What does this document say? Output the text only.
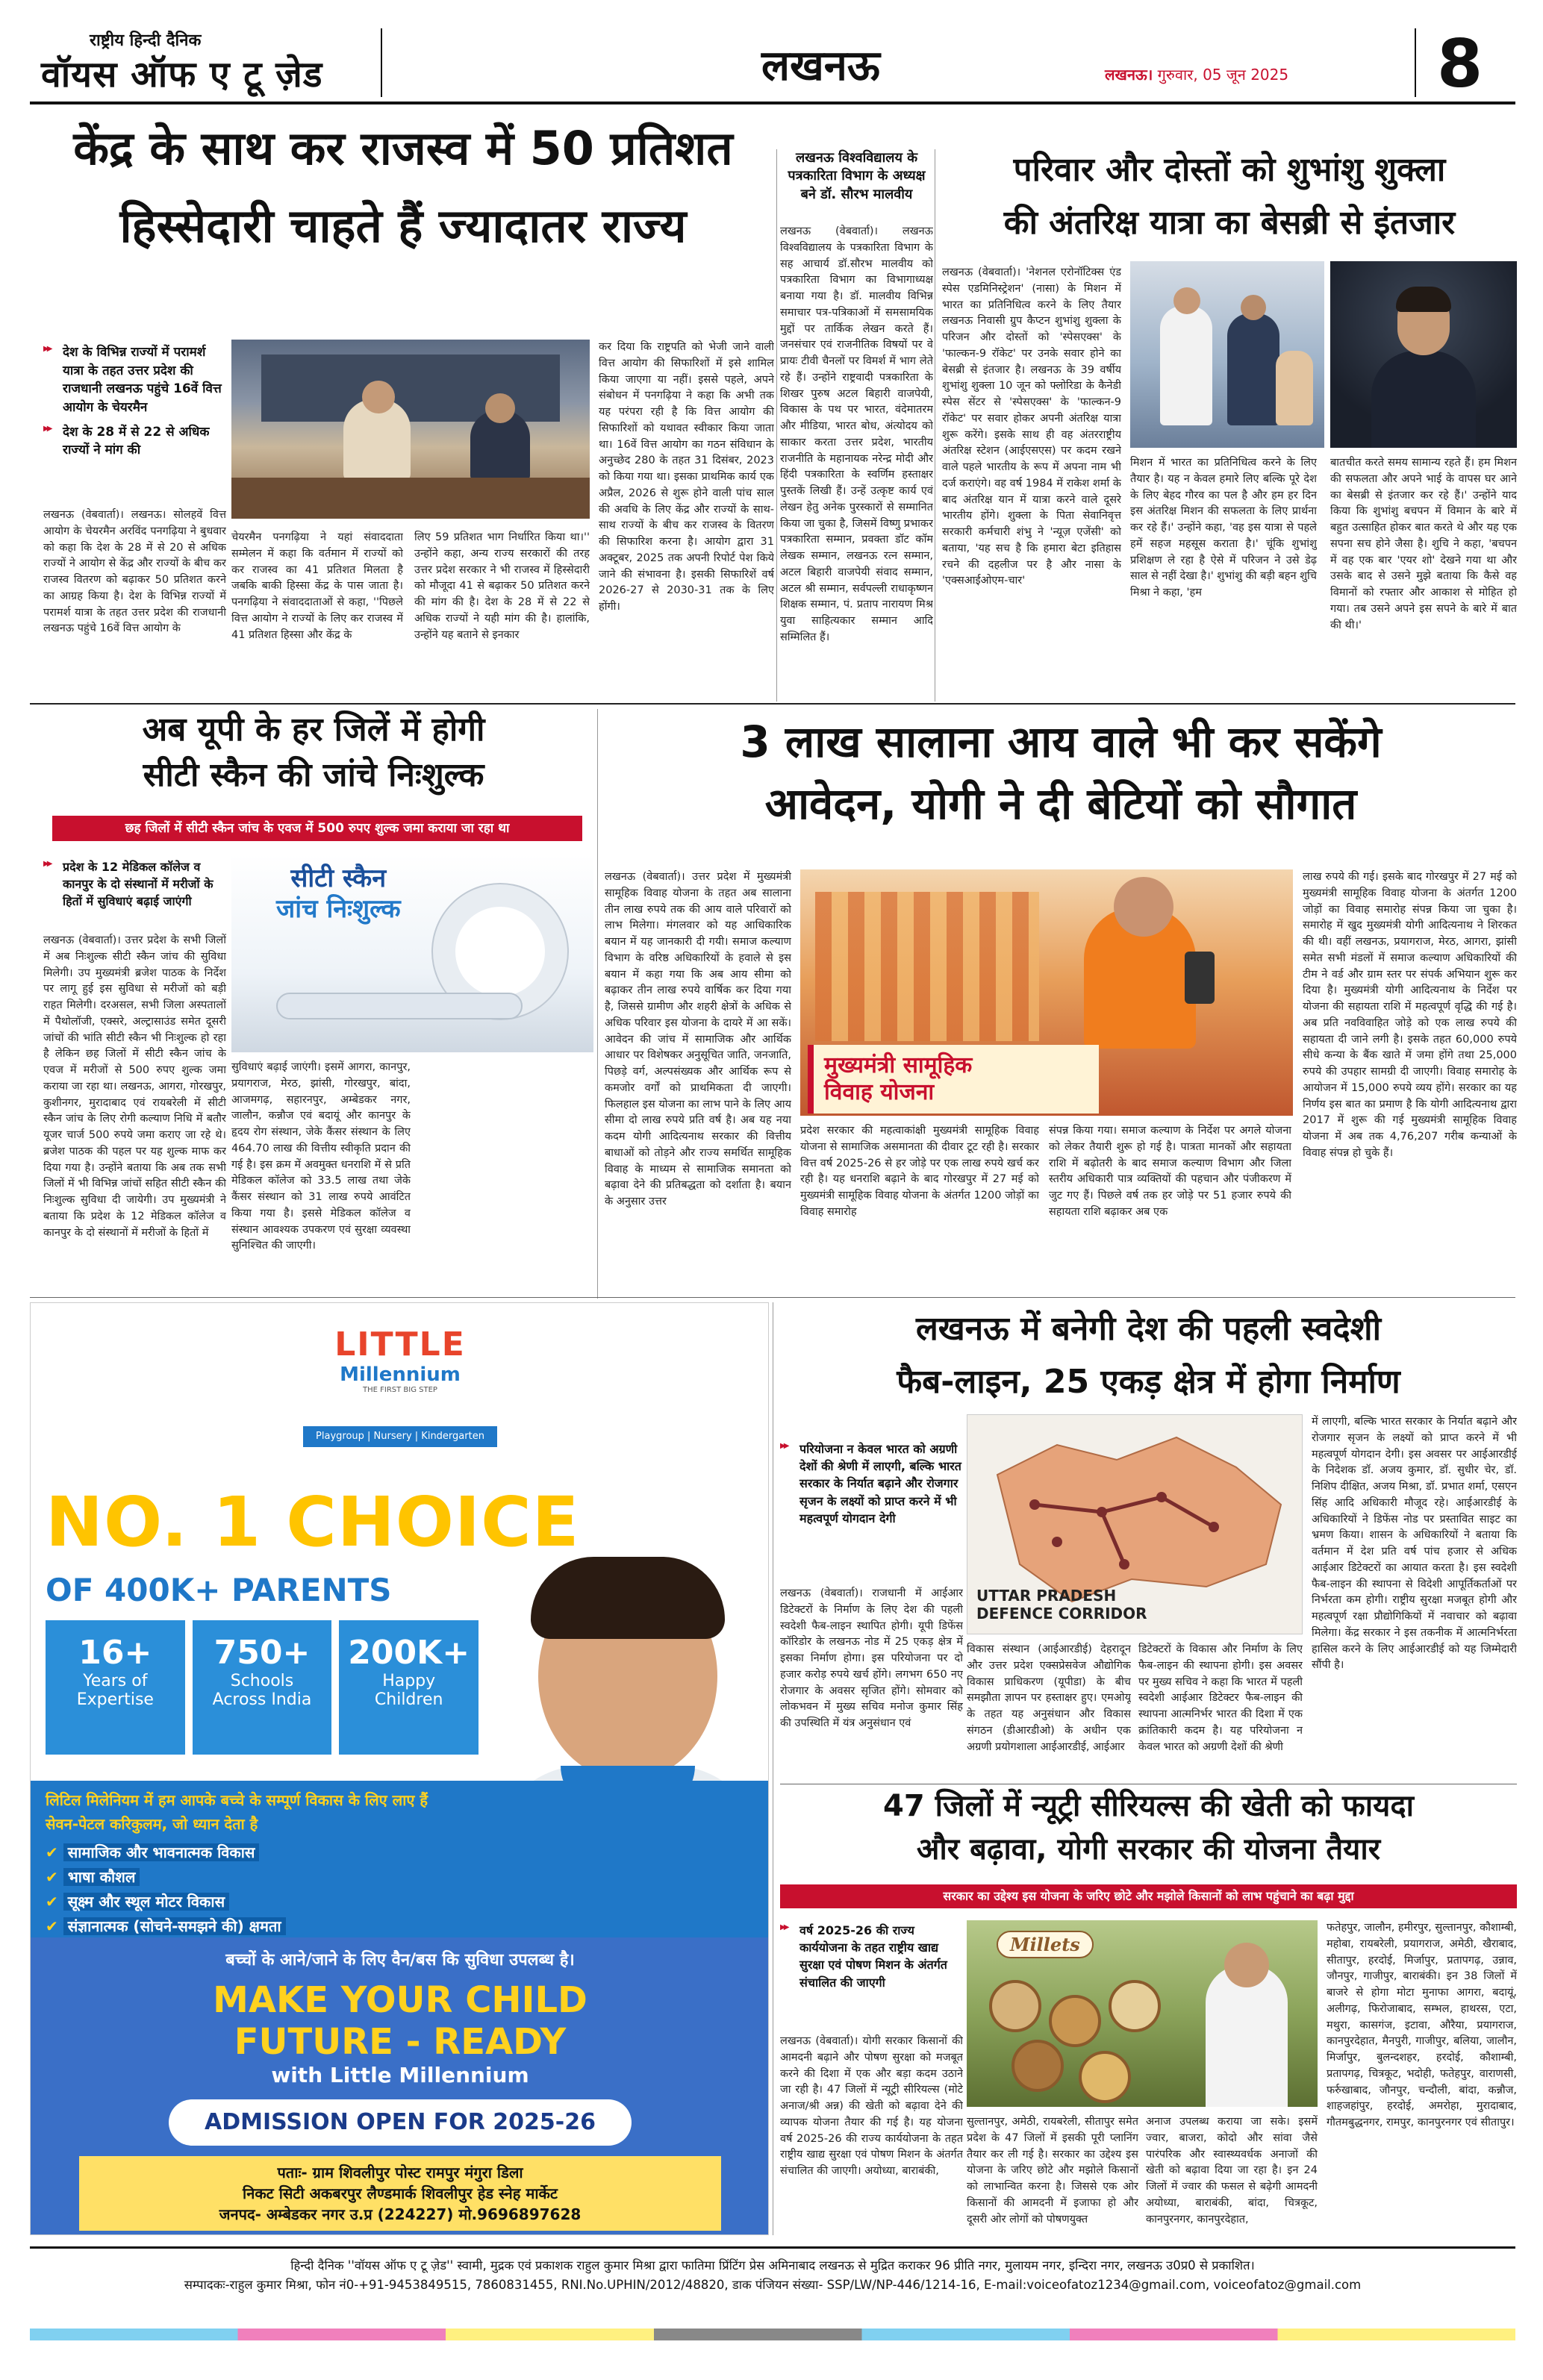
राष्ट्रीय हिन्दी दैनिक
वॉयस ऑफ ए टू ज़ेड	लखनऊ	लखनऊ। गुरुवार, 05 जून 2025 8
केंद्र के साथ कर राजस्व में 50 प्रतिशत
हिस्सेदारी चाहते हैं ज्यादातर राज्य
▶▶ देश के विभिन्न राज्यों में परामर्श यात्रा के तहत उत्तर प्रदेश की राजधानी लखनऊ पहुंचे 16वें वित्त आयोग के चेयरमैन
▶▶ देश के 28 में से 22 से अधिक राज्यों ने मांग की
लखनऊ (वेबवार्ता)। लखनऊ। सोलहवें वित्त आयोग के चेयरमैन अरविंद पनगढ़िया ने बुधवार को कहा कि देश के 28 में से 20 से अधिक राज्यों ने आयोग से केंद्र और राज्यों के बीच कर राजस्व वितरण को बढ़ाकर 50 प्रतिशत करने का आग्रह किया है। देश के विभिन्न राज्यों में परामर्श यात्रा के तहत उत्तर प्रदेश की राजधानी लखनऊ पहुंचे 16वें वित्त आयोग के
चेयरमैन पनगढ़िया ने यहां संवाददाता सम्मेलन में कहा कि वर्तमान में राज्यों को कर राजस्व का 41 प्रतिशत मिलता है जबकि बाकी हिस्सा केंद्र के पास जाता है। पनगढ़िया ने संवाददाताओं से कहा, ''पिछले वित्त आयोग ने राज्यों के लिए कर राजस्व में 41 प्रतिशत हिस्सा और केंद्र के
लिए 59 प्रतिशत भाग निर्धारित किया था।'' उन्होंने कहा, अन्य राज्य सरकारों की तरह उत्तर प्रदेश सरकार ने भी राजस्व में हिस्सेदारी को मौजूदा 41 से बढ़ाकर 50 प्रतिशत करने की मांग की है। देश के 28 में से 22 से अधिक राज्यों ने यही मांग की है। हालांकि, उन्होंने यह बताने से इनकार
कर दिया कि राष्ट्रपति को भेजी जाने वाली वित्त आयोग की सिफारिशों में इसे शामिल किया जाएगा या नहीं। इससे पहले, अपने संबोधन में पनगढ़िया ने कहा कि अभी तक यह परंपरा रही है कि वित्त आयोग की सिफारिशों को यथावत स्वीकार किया जाता था। 16वें वित्त आयोग का गठन संविधान के अनुच्छेद 280 के तहत 31 दिसंबर, 2023 को किया गया था। इसका प्राथमिक कार्य एक अप्रैल, 2026 से शुरू होने वाली पांच साल की अवधि के लिए केंद्र और राज्यों के साथ-साथ राज्यों के बीच कर राजस्व के वितरण की सिफारिश करना है। आयोग द्वारा 31 अक्टूबर, 2025 तक अपनी रिपोर्ट पेश किये जाने की संभावना है। इसकी सिफारिशें वर्ष 2026-27 से 2030-31 तक के लिए होंगी।
लखनऊ विश्वविद्यालय के
पत्रकारिता विभाग के अध्यक्ष
बने डॉ. सौरभ मालवीय
लखनऊ (वेबवार्ता)। लखनऊ विश्वविद्यालय के पत्रकारिता विभाग के सह आचार्य डॉ.सौरभ मालवीय को पत्रकारिता विभाग का विभागाध्यक्ष बनाया गया है। डॉ. मालवीय विभिन्न समाचार पत्र-पत्रिकाओं में समसामयिक मुद्दों पर तार्किक लेखन करते हैं। जनसंचार एवं राजनीतिक विषयों पर वे प्रायः टीवी चैनलों पर विमर्श में भाग लेते रहे हैं। उन्होंने राष्ट्रवादी पत्रकारिता के शिखर पुरुष अटल बिहारी वाजपेयी, विकास के पथ पर भारत, वंदेमातरम और मीडिया, भारत बोध, अंत्योदय को साकार करता उत्तर प्रदेश, भारतीय राजनीति के महानायक नरेन्द्र मोदी और हिंदी पत्रकारिता के स्वर्णिम हस्ताक्षर पुस्तकें लिखी हैं। उन्हें उत्कृष्ट कार्य एवं लेखन हेतु अनेक पुरस्कारों से सम्मानित किया जा चुका है, जिसमें विष्णु प्रभाकर पत्रकारिता सम्मान, प्रवक्ता डॉट कॉम लेखक सम्मान, लखनऊ रत्न सम्मान, अटल बिहारी वाजपेयी संवाद सम्मान, अटल श्री सम्मान, सर्वपल्ली राधाकृष्णन शिक्षक सम्मान, पं. प्रताप नारायण मिश्र युवा साहित्यकार सम्मान आदि सम्मिलित हैं।
परिवार और दोस्तों को शुभांशु शुक्ला
की अंतरिक्ष यात्रा का बेसब्री से इंतजार
लखनऊ (वेबवार्ता)। 'नेशनल एरोनॉटिक्स एंड स्पेस एडमिनिस्ट्रेशन' (नासा) के मिशन में भारत का प्रतिनिधित्व करने के लिए तैयार लखनऊ निवासी ग्रुप कैप्टन शुभांशु शुक्ला के परिजन और दोस्तों को 'स्पेसएक्स' के 'फाल्कन-9 रॉकेट' पर उनके सवार होने का बेसब्री से इंतजार है। लखनऊ के 39 वर्षीय शुभांशु शुक्ला 10 जून को फ्लोरिडा के कैनेडी स्पेस सेंटर से 'स्पेसएक्स' के 'फाल्कन-9 रॉकेट' पर सवार होकर अपनी अंतरिक्ष यात्रा शुरू करेंगे। इसके साथ ही वह अंतरराष्ट्रीय अंतरिक्ष स्टेशन (आईएसएस) पर कदम रखने वाले पहले भारतीय के रूप में अपना नाम भी दर्ज कराएंगे। वह वर्ष 1984 में राकेश शर्मा के बाद अंतरिक्ष यान में यात्रा करने वाले दूसरे भारतीय होंगे। शुक्ला के पिता सेवानिवृत्त सरकारी कर्मचारी शंभु ने 'न्यूज़ एजेंसी' को बताया, 'यह सच है कि हमारा बेटा इतिहास रचने की दहलीज पर है और नासा के 'एक्सआईओएम-चार'
मिशन में भारत का प्रतिनिधित्व करने के लिए तैयार है। यह न केवल हमारे लिए बल्कि पूरे देश के लिए बेहद गौरव का पल है और हम हर दिन इस अंतरिक्ष मिशन की सफलता के लिए प्रार्थना कर रहे हैं।' उन्होंने कहा, 'वह इस यात्रा से पहले हमें सहज महसूस कराता है।' चूंकि शुभांशु प्रशिक्षण ले रहा है ऐसे में परिजन ने उसे डेढ़ साल से नहीं देखा है।' शुभांशु की बड़ी बहन शुचि मिश्रा ने कहा, 'हम
बातचीत करते समय सामान्य रहते हैं। हम मिशन की सफलता और अपने भाई के वापस घर आने का बेसब्री से इंतजार कर रहे हैं।' उन्होंने याद किया कि शुभांशु बचपन में विमान के बारे में बहुत उत्साहित होकर बात करते थे और यह एक सपना सच होने जैसा है। शुचि ने कहा, 'बचपन में वह एक बार 'एयर शो' देखने गया था और उसके बाद से उसने मुझे बताया कि कैसे वह विमानों को रफ्तार और आकाश से मोहित हो गया। तब उसने अपने इस सपने के बारे में बात की थी।'
अब यूपी के हर जिलें में होगी
सीटी स्कैन की जांचे निःशुल्क
छह जिलों में सीटी स्कैन जांच के एवज में 500 रुपए शुल्क जमा कराया जा रहा था
▶▶ प्रदेश के 12 मेडिकल कॉलेज व कानपुर के दो संस्थानों में मरीजों के हितों में सुविधाएं बढ़ाई जाएंगी
सीटी स्कैन
जांच निःशुल्क
लखनऊ (वेबवार्ता)। उत्तर प्रदेश के सभी जिलों में अब निःशुल्क सीटी स्कैन जांच की सुविधा मिलेगी। उप मुख्यमंत्री ब्रजेश पाठक के निर्देश पर लागू हुई इस सुविधा से मरीजों को बड़ी राहत मिलेगी। दरअसल, सभी जिला अस्पतालों में पैथोलॉजी, एक्सरे, अल्ट्रासाउंड समेत दूसरी जांचों की भांति सीटी स्कैन भी निःशुल्क हो रहा है लेकिन छह जिलों में सीटी स्कैन जांच के एवज में मरीजों से 500 रुपए शुल्क जमा कराया जा रहा था। लखनऊ, आगरा, गोरखपुर, कुशीनगर, मुरादाबाद एवं रायबरेली में सीटी स्कैन जांच के लिए रोगी कल्याण निधि में बतौर यूजर चार्ज 500 रुपये जमा कराए जा रहे थे। ब्रजेश पाठक की पहल पर यह शुल्क माफ कर दिया गया है। उन्होंने बताया कि अब तक सभी जिलों में भी विभिन्न जांचों सहित सीटी स्कैन की निःशुल्क सुविधा दी जायेगी। उप मुख्यमंत्री ने बताया कि प्रदेश के 12 मेडिकल कॉलेज व कानपुर के दो संस्थानों में मरीजों के हितों में
सुविधाएं बढ़ाई जाएंगी। इसमें आगरा, कानपुर, प्रयागराज, मेरठ, झांसी, गोरखपुर, बांदा, आजमगढ़, सहारनपुर, अम्बेडकर नगर, जालौन, कन्नौज एवं बदायूं और कानपुर के हृदय रोग संस्थान, जेके कैंसर संस्थान के लिए 464.70 लाख की वित्तीय स्वीकृति प्रदान की गई है। इस क्रम में अवमुक्त धनराशि में से प्रति मेडिकल कॉलेज को 33.5 लाख तथा जेके कैंसर संस्थान को 31 लाख रुपये आवंटित किया गया है। इससे मेडिकल कॉलेज व संस्थान आवश्यक उपकरण एवं सुरक्षा व्यवस्था सुनिश्चित की जाएगी।
3 लाख सालाना आय वाले भी कर सकेंगे
आवेदन, योगी ने दी बेटियों को सौगात
लखनऊ (वेबवार्ता)। उत्तर प्रदेश में मुख्यमंत्री सामूहिक विवाह योजना के तहत अब सालाना तीन लाख रुपये तक की आय वाले परिवारों को लाभ मिलेगा। मंगलवार को यह आधिकारिक बयान में यह जानकारी दी गयी। समाज कल्याण विभाग के वरिष्ठ अधिकारियों के हवाले से इस बयान में कहा गया कि अब आय सीमा को बढ़ाकर तीन लाख रुपये वार्षिक कर दिया गया है, जिससे ग्रामीण और शहरी क्षेत्रों के अधिक से अधिक परिवार इस योजना के दायरे में आ सकें। आवेदन की जांच में सामाजिक और आर्थिक आधार पर विशेषकर अनुसूचित जाति, जनजाति, पिछड़े वर्ग, अल्पसंख्यक और आर्थिक रूप से कमजोर वर्गों को प्राथमिकता दी जाएगी। फिलहाल इस योजना का लाभ पाने के लिए आय सीमा दो लाख रुपये प्रति वर्ष है। अब यह नया कदम योगी आदित्यनाथ सरकार की वित्तीय बाधाओं को तोड़ने और राज्य समर्थित सामूहिक विवाह के माध्यम से सामाजिक समानता को बढ़ावा देने की प्रतिबद्धता को दर्शाता है। बयान के अनुसार उत्तर
मुख्यमंत्री सामूहिक
विवाह योजना
प्रदेश सरकार की महत्वाकांक्षी मुख्यमंत्री सामूहिक विवाह योजना से सामाजिक असमानता की दीवार टूट रही है। सरकार वित्त वर्ष 2025-26 से हर जोड़े पर एक लाख रुपये खर्च कर रही है। यह धनराशि बढ़ाने के बाद गोरखपुर में 27 मई को मुख्यमंत्री सामूहिक विवाह योजना के अंतर्गत 1200 जोड़ों का विवाह समारोह
संपन्न किया गया। समाज कल्याण के निर्देश पर अगले योजना को लेकर तैयारी शुरू हो गई है। पात्रता मानकों और सहायता राशि में बढ़ोतरी के बाद समाज कल्याण विभाग और जिला स्तरीय अधिकारी पात्र व्यक्तियों की पहचान और पंजीकरण में जुट गए हैं। पिछले वर्ष तक हर जोड़े पर 51 हजार रुपये की सहायता राशि बढ़ाकर अब एक
लाख रुपये की गई। इसके बाद गोरखपुर में 27 मई को मुख्यमंत्री सामूहिक विवाह योजना के अंतर्गत 1200 जोड़ों का विवाह समारोह संपन्न किया जा चुका है। समारोह में खुद मुख्यमंत्री योगी आदित्यनाथ ने शिरकत की थी। वहीं लखनऊ, प्रयागराज, मेरठ, आगरा, झांसी समेत सभी मंडलों में समाज कल्याण अधिकारियों की टीम ने वर्ड और ग्राम स्तर पर संपर्क अभियान शुरू कर दिया है। मुख्यमंत्री योगी आदित्यनाथ के निर्देश पर योजना की सहायता राशि में महत्वपूर्ण वृद्धि की गई है। अब प्रति नवविवाहित जोड़े को एक लाख रुपये की सहायता दी जाने लगी है। इसके तहत 60,000 रुपये सीधे कन्या के बैंक खाते में जमा होंगे तथा 25,000 रुपये की उपहार सामग्री दी जाएगी। विवाह समारोह के आयोजन में 15,000 रुपये व्यय होंगे। सरकार का यह निर्णय इस बात का प्रमाण है कि योगी आदित्यनाथ द्वारा 2017 में शुरू की गई मुख्यमंत्री सामूहिक विवाह योजना में अब तक 4,76,207 गरीब कन्याओं के विवाह संपन्न हो चुके हैं।
LITTLE
Millennium
THE FIRST BIG STEP
Playgroup | Nursery | Kindergarten
NO. 1 CHOICE
OF 400K+ PARENTS
16+
Years of
Expertise
750+
Schools
Across India
200K+
Happy
Children
लिटिल मिलेनियम में हम आपके बच्चे के सम्पूर्ण विकास के लिए लाए हैं
सेवन-पेटल करिकुलम, जो ध्यान देता है
✔ सामाजिक और भावनात्मक विकास
✔ भाषा कौशल
✔ सूक्ष्म और स्थूल मोटर विकास
✔ संज्ञानात्मक (सोचने-समझने की) क्षमता
बच्चों के आने/जाने के लिए वैन/बस कि सुविधा उपलब्ध है।
MAKE YOUR CHILD
FUTURE - READY
with Little Millennium
ADMISSION OPEN FOR 2025-26
पताः- ग्राम शिवलीपुर पोस्ट रामपुर मंगुरा डिला
निकट सिटी अकबरपुर लैण्डमार्क शिवलीपुर हेड स्नेह मार्केट
जनपद- अम्बेडकर नगर उ.प्र (224227) मो.9696897628
लखनऊ में बनेगी देश की पहली स्वदेशी
फैब-लाइन, 25 एकड़ क्षेत्र में होगा निर्माण
▶▶ परियोजना न केवल भारत को अग्रणी देशों की श्रेणी में लाएगी, बल्कि भारत सरकार के निर्यात बढ़ाने और रोजगार सृजन के लक्ष्यों को प्राप्त करने में भी महत्वपूर्ण योगदान देगी
UTTAR PRADESH
DEFENCE CORRIDOR
लखनऊ (वेबवार्ता)। राजधानी में आईआर डिटेक्टरों के निर्माण के लिए देश की पहली स्वदेशी फैब-लाइन स्थापित होगी। यूपी डिफेंस कॉरिडोर के लखनऊ नोड में 25 एकड़ क्षेत्र में इसका निर्माण होगा। इस परियोजना पर दो हजार करोड़ रुपये खर्च होंगे। लगभग 650 नए रोजगार के अवसर सृजित होंगे। सोमवार को लोकभवन में मुख्य सचिव मनोज कुमार सिंह की उपस्थिति में यंत्र अनुसंधान एवं
विकास संस्थान (आईआरडीई) देहरादून और उत्तर प्रदेश एक्सप्रेसवेज औद्योगिक विकास प्राधिकरण (यूपीडा) के बीच समझौता ज्ञापन पर हस्ताक्षर हुए। एमओयू के तहत यह अनुसंधान और विकास संगठन (डीआरडीओ) के अधीन एक अग्रणी प्रयोगशाला आईआरडीई, आईआर
डिटेक्टरों के विकास और निर्माण के लिए फैब-लाइन की स्थापना होगी। इस अवसर पर मुख्य सचिव ने कहा कि भारत में पहली स्वदेशी आईआर डिटेक्टर फैब-लाइन की स्थापना आत्मनिर्भर भारत की दिशा में एक क्रांतिकारी कदम है। यह परियोजना न केवल भारत को अग्रणी देशों की श्रेणी
में लाएगी, बल्कि भारत सरकार के निर्यात बढ़ाने और रोजगार सृजन के लक्ष्यों को प्राप्त करने में भी महत्वपूर्ण योगदान देगी। इस अवसर पर आईआरडीई के निदेशक डॉ. अजय कुमार, डॉ. सुधीर चेर, डॉ. निशिप दीक्षित, अजय मिश्रा, डॉ. प्रभात शर्मा, एसएन सिंह आदि अधिकारी मौजूद रहे। आईआरडीई के अधिकारियों ने डिफेंस नोड पर प्रस्तावित साइट का भ्रमण किया। शासन के अधिकारियों ने बताया कि वर्तमान में देश प्रति वर्ष पांच हजार से अधिक आईआर डिटेक्टरों का आयात करता है। इस स्वदेशी फैब-लाइन की स्थापना से विदेशी आपूर्तिकर्ताओं पर निर्भरता कम होगी। राष्ट्रीय सुरक्षा मजबूत होगी और महत्वपूर्ण रक्षा प्रौद्योगिकियों में नवाचार को बढ़ावा मिलेगा। केंद्र सरकार ने इस तकनीक में आत्मनिर्भरता हासिल करने के लिए आईआरडीई को यह जिम्मेदारी सौंपी है।
47 जिलों में न्यूट्री सीरियल्स की खेती को फायदा
और बढ़ावा, योगी सरकार की योजना तैयार
सरकार का उद्देश्य इस योजना के जरिए छोटे और मझोले किसानों को लाभ पहुंचाने का बढ़ा मुद्दा
▶▶ वर्ष 2025-26 की राज्य कार्ययोजना के तहत राष्ट्रीय खाद्य सुरक्षा एवं पोषण मिशन के अंतर्गत संचालित की जाएगी
Millets
लखनऊ (वेबवार्ता)। योगी सरकार किसानों की आमदनी बढ़ाने और पोषण सुरक्षा को मजबूत करने की दिशा में एक और बड़ा कदम उठाने जा रही है। 47 जिलों में न्यूट्री सीरियल्स (मोटे अनाज/श्री अन्न) की खेती को बढ़ावा देने की व्यापक योजना तैयार की गई है। यह योजना वर्ष 2025-26 की राज्य कार्ययोजना के तहत राष्ट्रीय खाद्य सुरक्षा एवं पोषण मिशन के अंतर्गत संचालित की जाएगी। अयोध्या, बाराबंकी,
सुल्तानपुर, अमेठी, रायबरेली, सीतापुर समेत प्रदेश के 47 जिलों में इसकी पूरी प्लानिंग तैयार कर ली गई है। सरकार का उद्देश्य इस योजना के जरिए छोटे और मझोले किसानों को लाभान्वित करना है। जिससे एक ओर किसानों की आमदनी में इजाफा हो और दूसरी ओर लोगों को पोषणयुक्त
अनाज उपलब्ध कराया जा सके। इसमें ज्वार, बाजरा, कोदो और सांवा जैसे पारंपरिक और स्वास्थ्यवर्धक अनाजों की खेती को बढ़ावा दिया जा रहा है। इन 24 जिलों में ज्वार की फसल से बढ़ेगी आमदनी अयोध्या, बाराबंकी, बांदा, चित्रकूट, कानपुरनगर, कानपुरदेहात,
फतेहपुर, जालौन, हमीरपुर, सुल्तानपुर, कौशाम्बी, महोबा, रायबरेली, प्रयागराज, अमेठी, खैराबाद, सीतापुर, हरदोई, मिर्जापुर, प्रतापगढ़, उन्नाव, जौनपुर, गाजीपुर, बाराबंकी। इन 38 जिलों में बाजरे से होगा मोटा मुनाफा आगरा, बदायूं, अलीगढ़, फिरोजाबाद, सम्भल, हाथरस, एटा, मथुरा, कासगंज, इटावा, औरैया, प्रयागराज, कानपुरदेहात, मैनपुरी, गाजीपुर, बलिया, जालौन, मिर्जापुर, बुलन्दशहर, हरदोई, कौशाम्बी, प्रतापगढ़, चित्रकूट, भदोही, फतेहपुर, वाराणसी, फर्रुखाबाद, जौनपुर, चन्दौली, बांदा, कन्नौज, शाहजहांपुर, हरदोई, अमरोहा, मुरादाबाद, गौतमबुद्धनगर, रामपुर, कानपुरनगर एवं सीतापुर।
हिन्दी दैनिक ''वॉयस ऑफ ए टू ज़ेड'' स्वामी, मुद्रक एवं प्रकाशक राहुल कुमार मिश्रा द्वारा फातिमा प्रिंटिंग प्रेस अमिनाबाद लखनऊ से मुद्रित कराकर 96 प्रीति नगर, मुलायम नगर, इन्दिरा नगर, लखनऊ उ0प्र0 से प्रकाशित।
सम्पादकः-राहुल कुमार मिश्रा, फोन नं0-+91-9453849515, 7860831455, RNI.No.UPHIN/2012/48820, डाक पंजियन संख्या- SSP/LW/NP-446/1214-16, E-mail:voiceofatoz1234@gmail.com, voiceofatoz@gmail.com
